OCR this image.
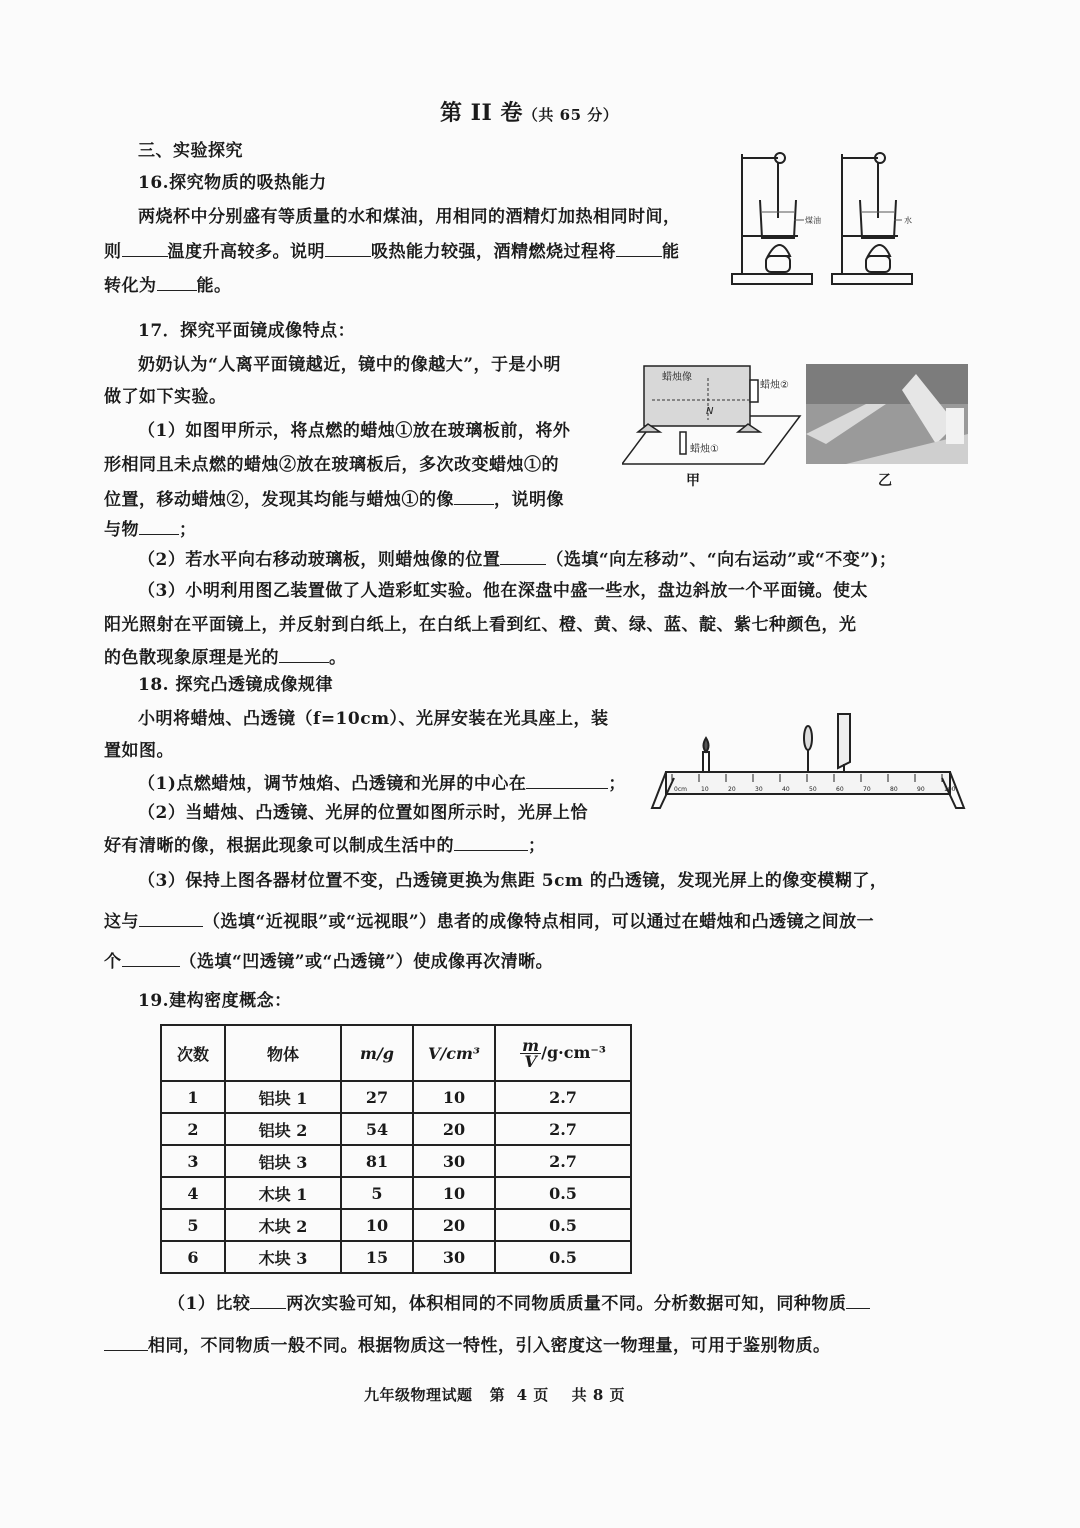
第 II 卷（共 65 分）
三、实验探究
16.探究物质的吸热能力
两烧杯中分别盛有等质量的水和煤油，用相同的酒精灯加热相同时间，
则	温度升高较多。说明	吸热能力较强，酒精燃烧过程将	能
转化为 能。
煤油	水
17．探究平面镜成像特点：
奶奶认为“人离平面镜越近，镜中的像越大”，于是小明
做了如下实验。
（1）如图甲所示，将点燃的蜡烛①放在玻璃板前，将外
形相同且未点燃的蜡烛②放在玻璃板后，多次改变蜡烛①的
位置，移动蜡烛②，发现其均能与蜡烛①的像 ，说明像
与物 ；
（2）若水平向右移动玻璃板，则蜡烛像的位置	（选填“向左移动”、“向右运动”或“不变”)；
（3）小明利用图乙装置做了人造彩虹实验。他在深盘中盛一些水，盘边斜放一个平面镜。使太
阳光照射在平面镜上，并反射到白纸上，在白纸上看到红、橙、黄、绿、蓝、靛、紫七种颜色，光
的色散现象原理是光的	。
蜡烛像
蜡烛②
蜡烛①
N
甲	乙
18. 探究凸透镜成像规律
小明将蜡烛、凸透镜（f=10cm）、光屏安装在光具座上，装
置如图。
（1)点燃蜡烛，调节烛焰、凸透镜和光屏的中心在	；
（2）当蜡烛、凸透镜、光屏的位置如图所示时，光屏上恰
好有清晰的像，根据此现象可以制成生活中的	；
（3）保持上图各器材位置不变，凸透镜更换为焦距 5cm 的凸透镜，发现光屏上的像变模糊了，
这与	（选填“近视眼”或“远视眼”）患者的成像特点相同，可以通过在蜡烛和凸透镜之间放一
个	（选填“凹透镜”或“凸透镜”）使成像再次清晰。
0cm 10	20	30	40	50	60	70	80	90	100
19.建构密度概念：
次数	物体	m/g	V/cm³	$\frac{m}{V} /g\cdot cm^{-3}$
1	铝块 1	27	10	2.7
2	铝块 2	54	20	2.7
3	铝块 3	81	30	2.7
4	木块 1	5	10	0.5
5	木块 2	10	20	0.5
6	木块 3	15	30	0.5
（1）比较 两次实验可知，体积相同的不同物质质量不同。分析数据可知，同种物质
相同，不同物质一般不同。根据物质这一特性，引入密度这一物理量，可用于鉴别物质。
九年级物理试题   第  4 页    共 8 页
